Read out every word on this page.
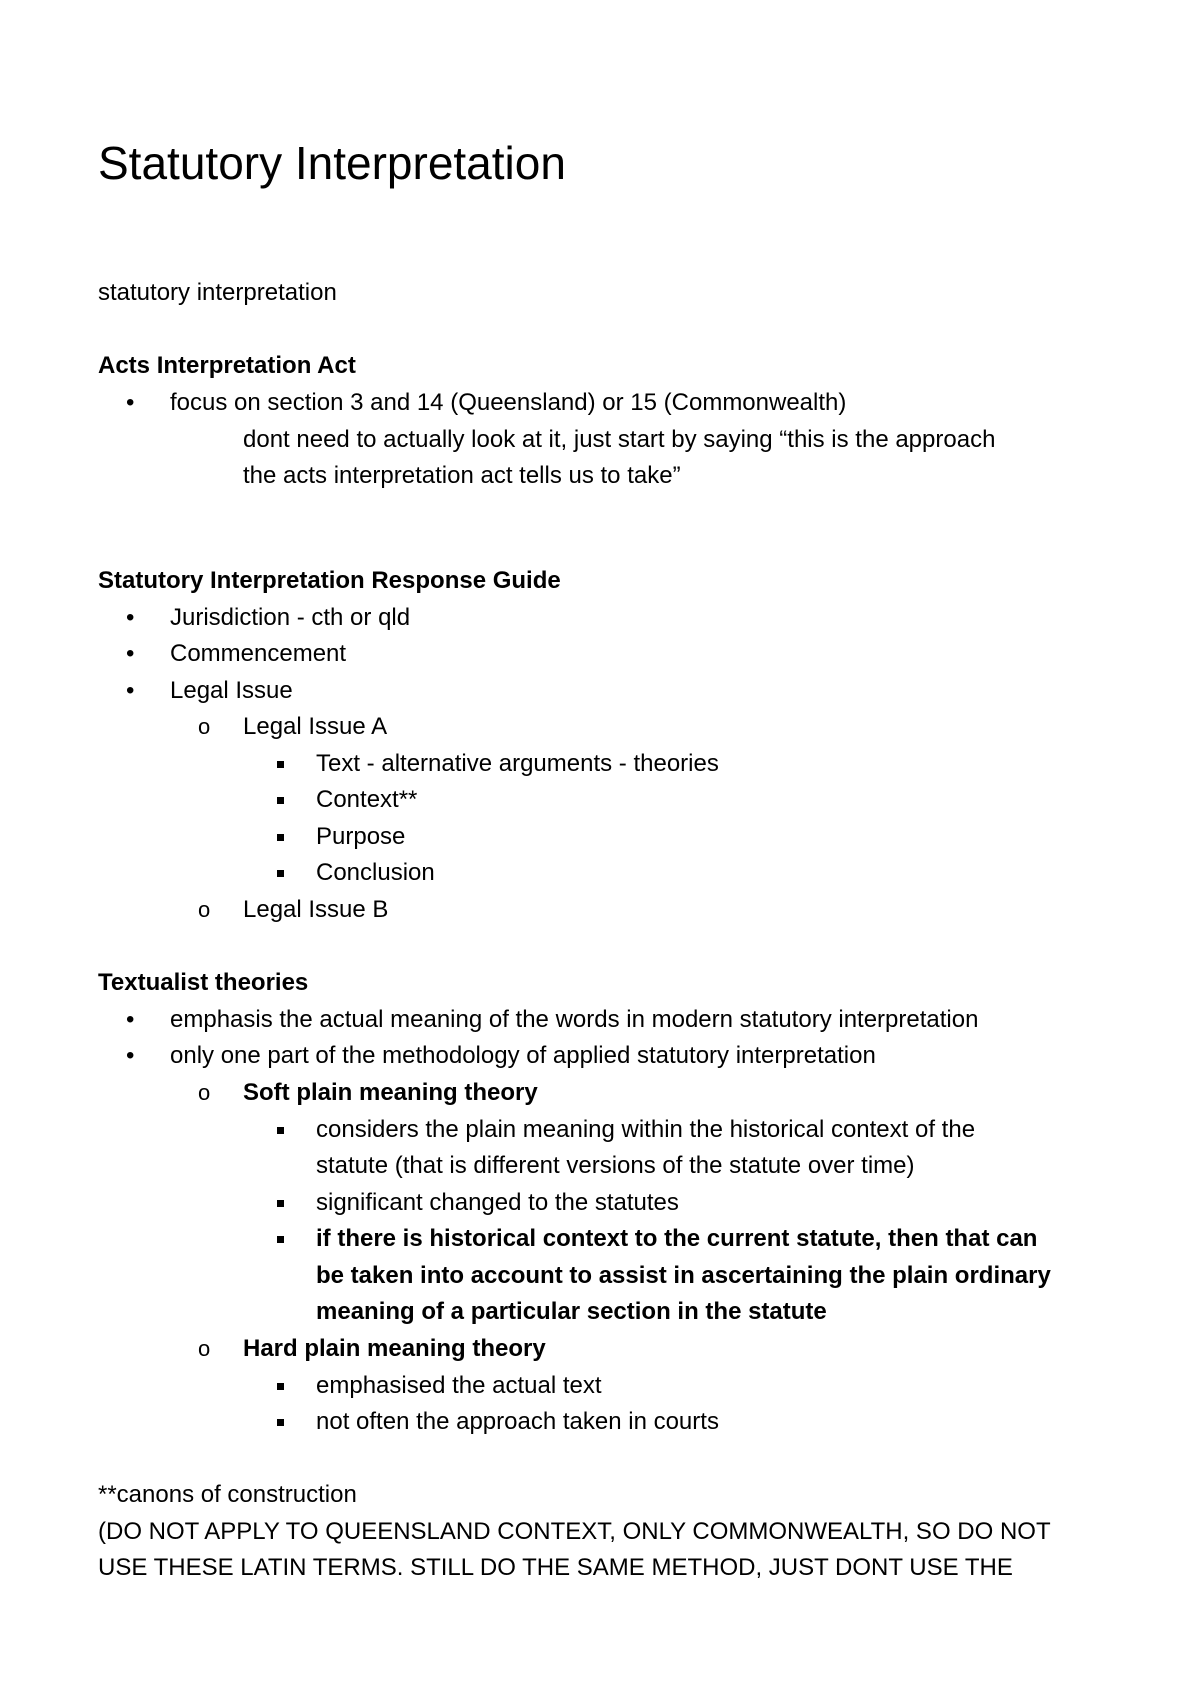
Statutory Interpretation
statutory interpretation
Acts Interpretation Act
• focus on section 3 and 14 (Queensland) or 15 (Commonwealth)
dont need to actually look at it, just start by saying “this is the approach
the acts interpretation act tells us to take”
Statutory Interpretation Response Guide
• Jurisdiction - cth or qld
• Commencement
• Legal Issue
o Legal Issue A
Text - alternative arguments - theories
Context**
Purpose
Conclusion
o Legal Issue B
Textualist theories
• emphasis the actual meaning of the words in modern statutory interpretation
• only one part of the methodology of applied statutory interpretation
o Soft plain meaning theory
considers the plain meaning within the historical context of the
statute (that is different versions of the statute over time)
significant changed to the statutes
if there is historical context to the current statute, then that can
be taken into account to assist in ascertaining the plain ordinary
meaning of a particular section in the statute
o Hard plain meaning theory
emphasised the actual text
not often the approach taken in courts
**canons of construction
(DO NOT APPLY TO QUEENSLAND CONTEXT, ONLY COMMONWEALTH, SO DO NOT
USE THESE LATIN TERMS. STILL DO THE SAME METHOD, JUST DONT USE THE
